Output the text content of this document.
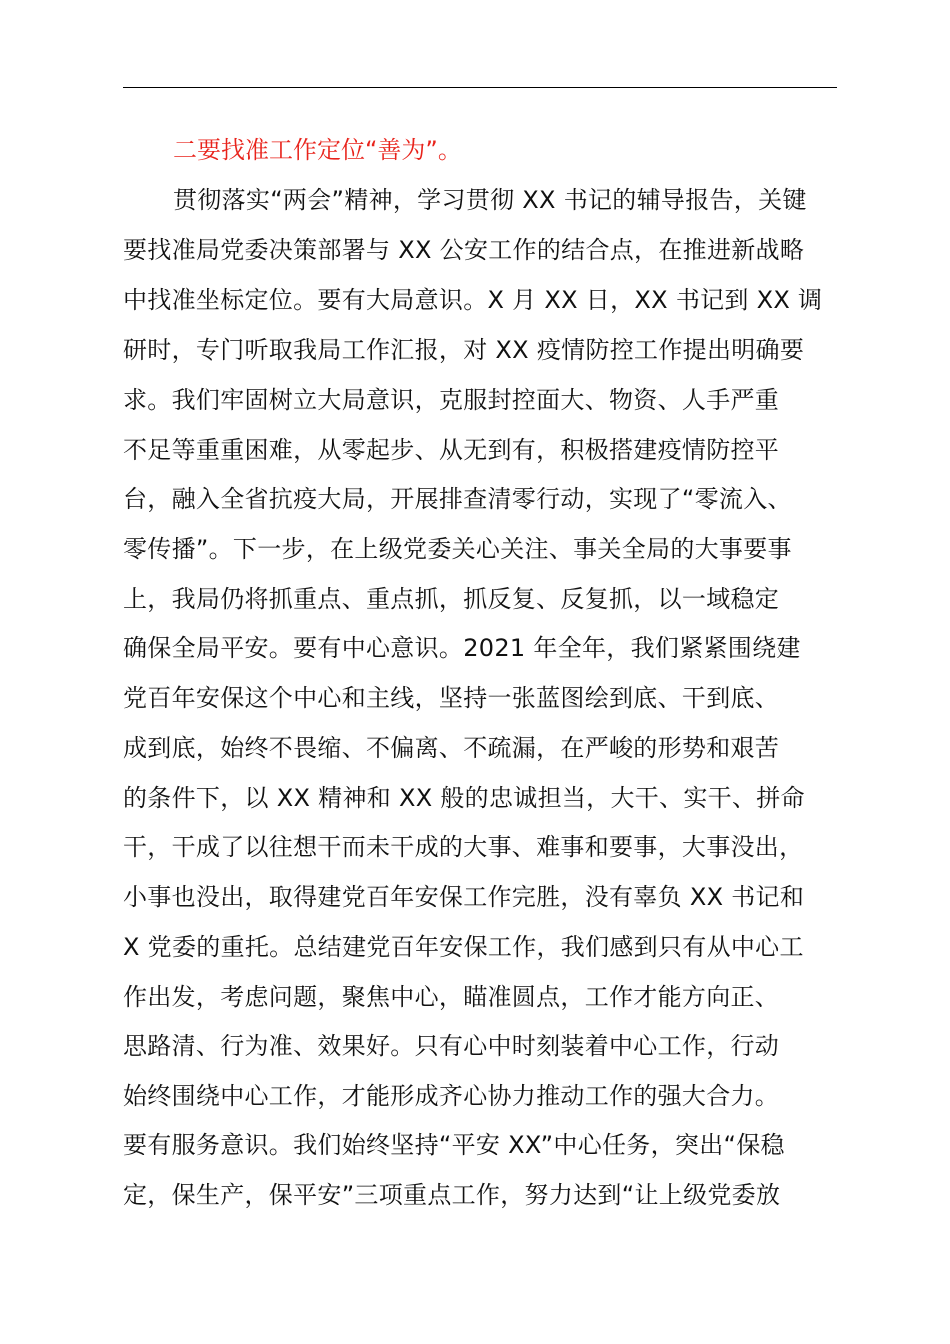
二要找准工作定位“善为”。
贯彻落实“两会”精神，学习贯彻 XX 书记的辅导报告，关键
要找准局党委决策部署与 XX 公安工作的结合点，在推进新战略
中找准坐标定位。要有大局意识。X 月 XX 日，XX 书记到 XX 调
研时，专门听取我局工作汇报，对 XX 疫情防控工作提出明确要
求。我们牢固树立大局意识，克服封控面大、物资、人手严重
不足等重重困难，从零起步、从无到有，积极搭建疫情防控平
台，融入全省抗疫大局，开展排查清零行动，实现了“零流入、
零传播”。下一步，在上级党委关心关注、事关全局的大事要事
上，我局仍将抓重点、重点抓，抓反复、反复抓，以一域稳定
确保全局平安。要有中心意识。2021 年全年，我们紧紧围绕建
党百年安保这个中心和主线，坚持一张蓝图绘到底、干到底、
成到底，始终不畏缩、不偏离、不疏漏，在严峻的形势和艰苦
的条件下，以 XX 精神和 XX 般的忠诚担当，大干、实干、拼命
干，干成了以往想干而未干成的大事、难事和要事，大事没出，
小事也没出，取得建党百年安保工作完胜，没有辜负 XX 书记和
X 党委的重托。总结建党百年安保工作，我们感到只有从中心工
作出发，考虑问题，聚焦中心，瞄准圆点，工作才能方向正、
思路清、行为准、效果好。只有心中时刻装着中心工作，行动
始终围绕中心工作，才能形成齐心协力推动工作的强大合力。
要有服务意识。我们始终坚持“平安 XX”中心任务，突出“保稳
定，保生产，保平安”三项重点工作，努力达到“让上级党委放
